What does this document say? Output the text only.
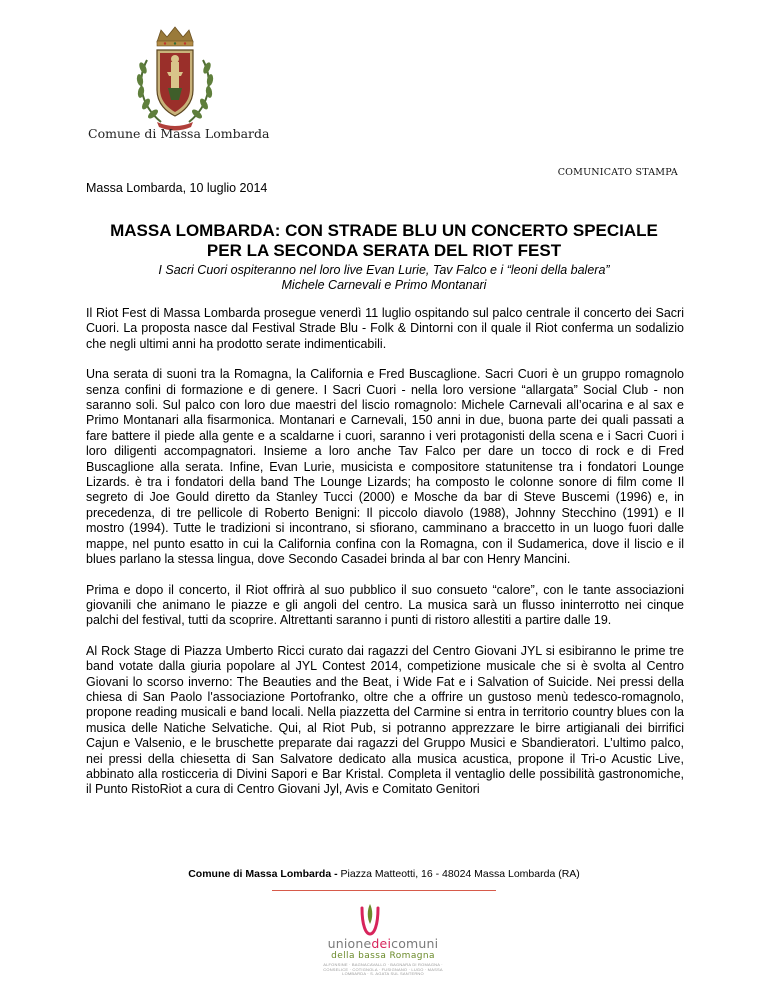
Comune di Massa Lombarda
COMUNICATO STAMPA
Massa Lombarda, 10 luglio 2014
MASSA LOMBARDA: CON STRADE BLU UN CONCERTO SPECIALE
PER LA SECONDA SERATA DEL RIOT FEST
I Sacri Cuori ospiteranno nel loro live Evan Lurie, Tav Falco e i “leoni della balera”
Michele Carnevali e Primo Montanari

Il Riot Fest di Massa Lombarda prosegue venerdì 11 luglio ospitando sul palco centrale il concerto dei Sacri Cuori. La proposta nasce dal Festival Strade Blu - Folk & Dintorni con il quale il Riot conferma un sodalizio che negli ultimi anni ha prodotto serate indimenticabili.

Una serata di suoni tra la Romagna, la California e Fred Buscaglione. Sacri Cuori è un gruppo romagnolo senza confini di formazione e di genere. I Sacri Cuori - nella loro versione “allargata” Social Club - non saranno soli. Sul palco con loro due maestri del liscio romagnolo: Michele Carnevali all’ocarina e al sax e Primo Montanari alla fisarmonica. Montanari e Carnevali, 150 anni in due, buona parte dei quali passati a fare battere il piede alla gente e a scaldarne i cuori, saranno i veri protagonisti della scena e i Sacri Cuori i loro diligenti accompagnatori. Insieme a loro anche Tav Falco per dare un tocco di rock e di Fred Buscaglione alla serata. Infine, Evan Lurie, musicista e compositore statunitense tra i fondatori Lounge Lizards. è tra i fondatori della band The Lounge Lizards; ha composto le colonne sonore di film come Il segreto di Joe Gould diretto da Stanley Tucci (2000) e Mosche da bar di Steve Buscemi (1996) e, in precedenza, di tre pellicole di Roberto Benigni: Il piccolo diavolo (1988), Johnny Stecchino (1991) e Il mostro (1994). Tutte le tradizioni si incontrano, si sfiorano, camminano a braccetto in un luogo fuori dalle mappe, nel punto esatto in cui la California confina con la Romagna, con il Sudamerica, dove il liscio e il blues parlano la stessa lingua, dove Secondo Casadei brinda al bar con Henry Mancini.

Prima e dopo il concerto, il Riot offrirà al suo pubblico il suo consueto “calore”, con le tante associazioni giovanili che animano le piazze e gli angoli del centro. La musica sarà un flusso ininterrotto nei cinque palchi del festival, tutti da scoprire. Altrettanti saranno i punti di ristoro allestiti a partire dalle 19.

Al Rock Stage di Piazza Umberto Ricci curato dai ragazzi del Centro Giovani JYL si esibiranno le prime tre band votate dalla giuria popolare al JYL Contest 2014, competizione musicale che si è svolta al Centro Giovani lo scorso inverno: The Beauties and the Beat, i Wide Fat e i Salvation of Suicide. Nei pressi della chiesa di San Paolo l'associazione Portofranko, oltre che a offrire un gustoso menù tedesco-romagnolo, propone reading musicali e band locali. Nella piazzetta del Carmine si entra in territorio country blues con la musica delle Natiche Selvatiche. Qui, al Riot Pub, si potranno apprezzare le birre artigianali dei birrifici Cajun e Valsenio, e le bruschette preparate dai ragazzi del Gruppo Musici e Sbandieratori. L’ultimo palco, nei pressi della chiesetta di San Salvatore dedicato alla musica acustica, propone il Tri-o Acustic Live, abbinato alla rosticceria di Divini Sapori e Bar Kristal. Completa il ventaglio delle possibilità gastronomiche, il Punto RistoRiot a cura di Centro Giovani Jyl, Avis e Comitato Genitori

Comune di Massa Lombarda - Piazza Matteotti, 16 - 48024 Massa Lombarda (RA)
unionedeicomuni
della bassa Romagna
ALFONSINE · BAGNACAVALLO · BAGNARA DI ROMAGNA · CONSELICE · COTIGNOLA · FUSIGNANO · LUGO · MASSA LOMBARDA · S. AGATA SUL SANTERNO
